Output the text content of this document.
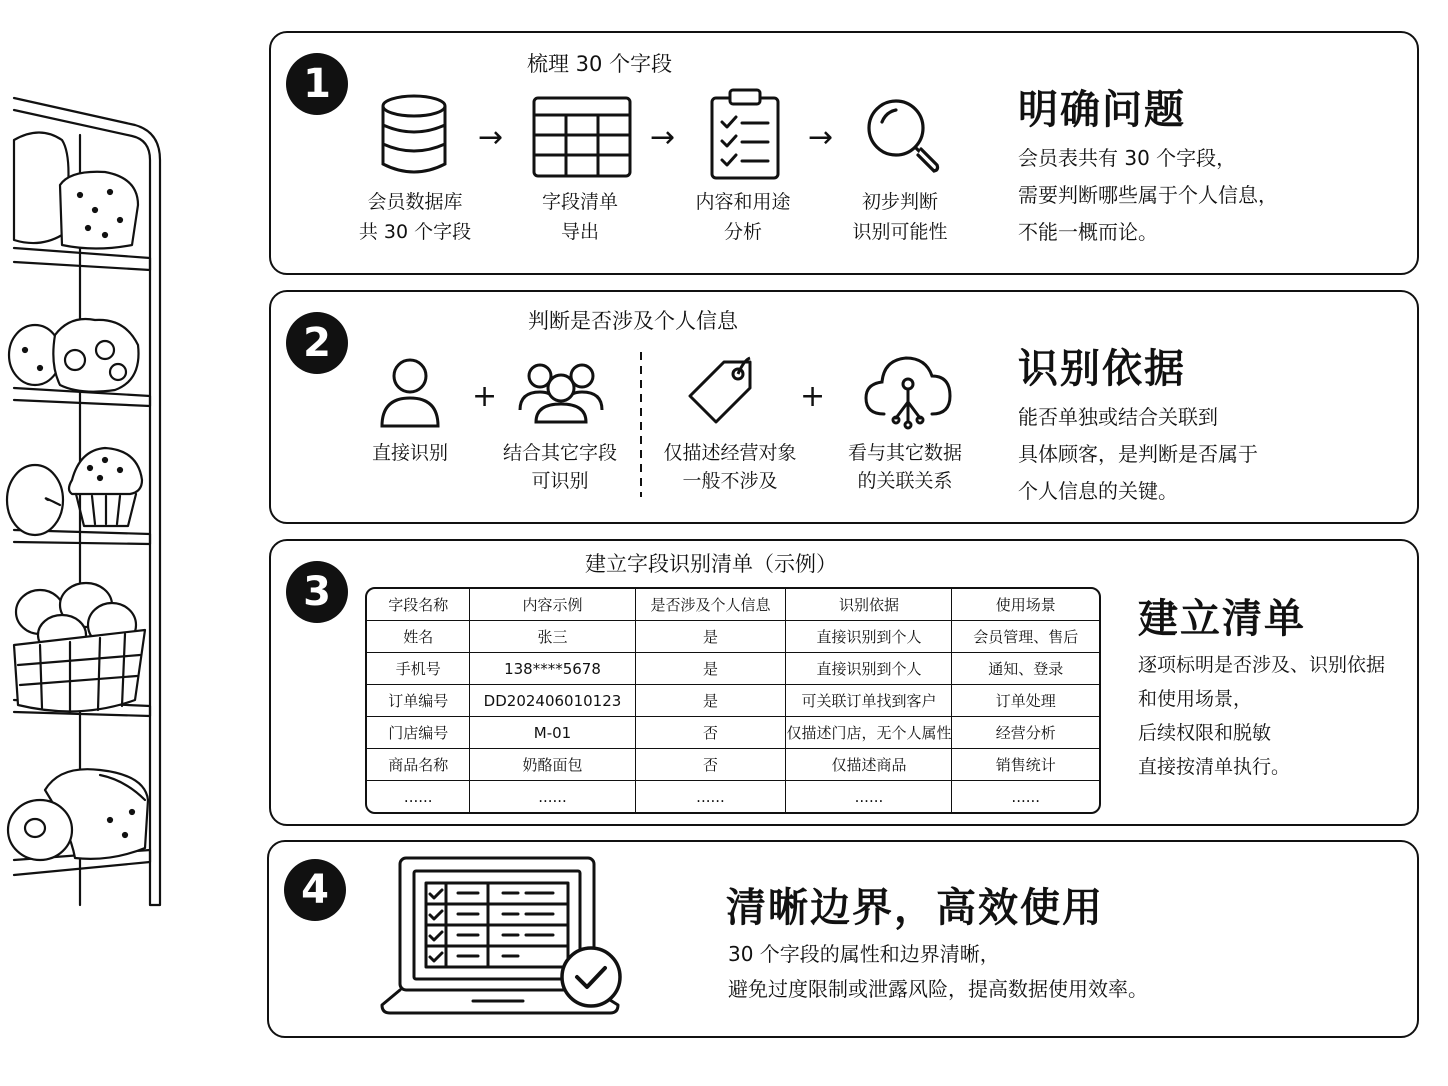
1	梳理 30 个字段
→	→	→
会员数据库
共 30 个字段
字段清单
导出
内容和用途
分析
初步判断
识别可能性
明确问题
会员表共有 30 个字段，
需要判断哪些属于个人信息，
不能一概而论。
2	判断是否涉及个人信息
+	+
直接识别	结合其它字段
可识别
仅描述经营对象
一般不涉及
看与其它数据
的关联关系
识别依据
能否单独或结合关联到
具体顾客，是判断是否属于
个人信息的关键。
3
建立字段识别清单（示例）
字段名称	内容示例	是否涉及个人信息	识别依据	使用场景
姓名	张三	是	直接识别到个人	会员管理、售后
手机号	138****5678	是	直接识别到个人	通知、登录
订单编号	DD202406010123	是	可关联订单找到客户	订单处理
门店编号	M-01	否	仅描述门店，无个人属性	经营分析
商品名称	奶酪面包	否	仅描述商品	销售统计
......	......	......	......	......
建立清单
逐项标明是否涉及、识别依据
和使用场景，
后续权限和脱敏
直接按清单执行。
4	清晰边界，高效使用
30 个字段的属性和边界清晰，
避免过度限制或泄露风险，提高数据使用效率。
